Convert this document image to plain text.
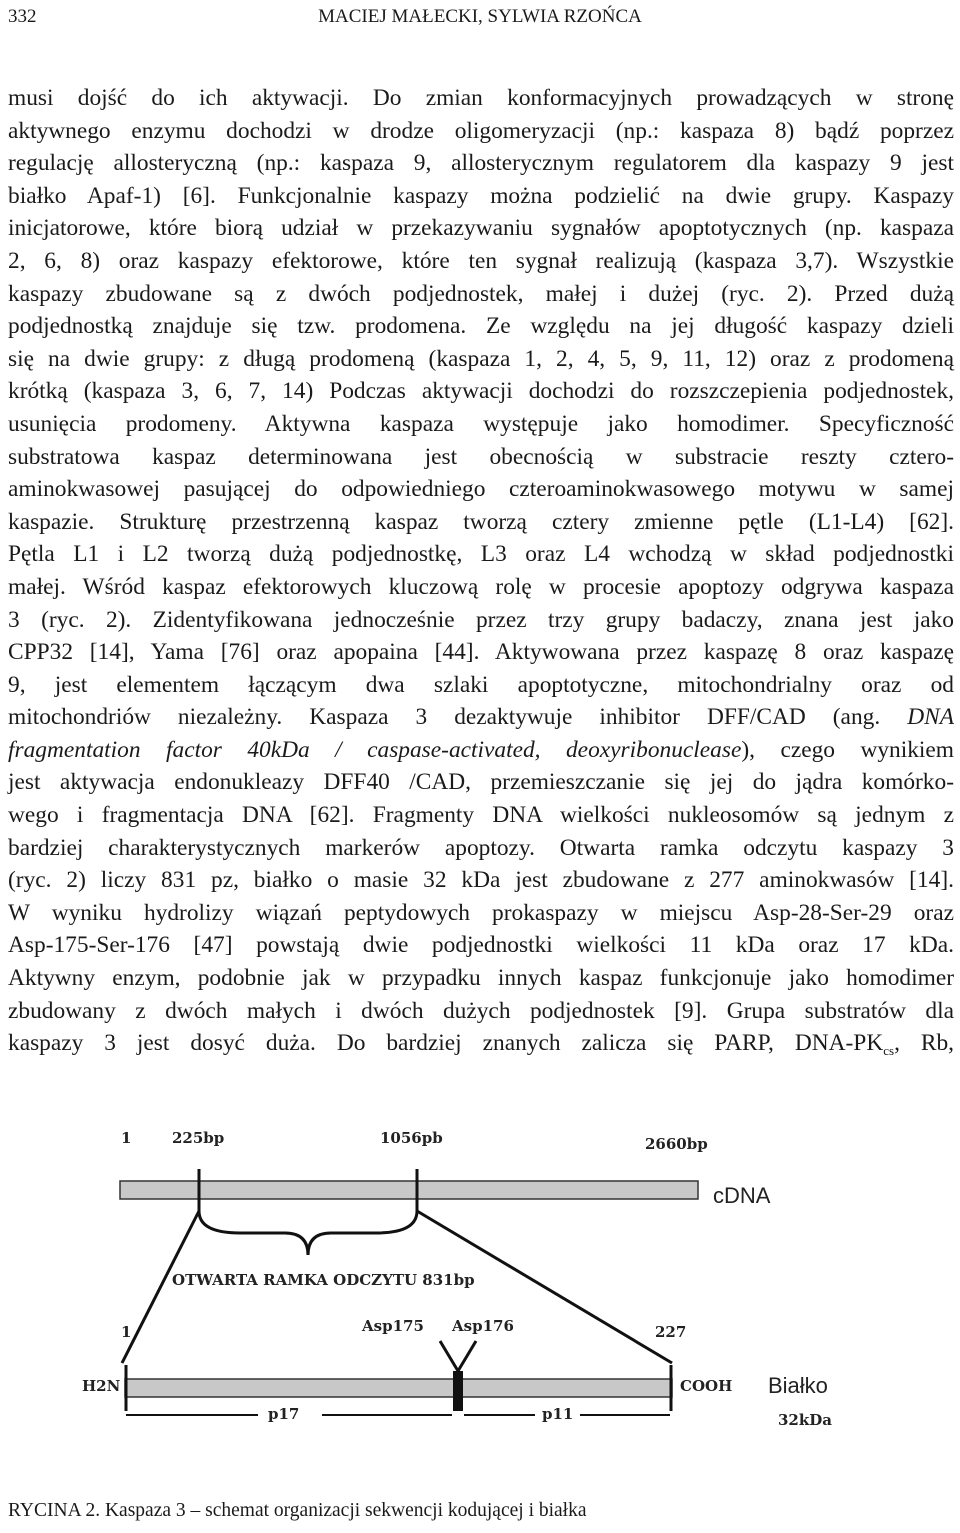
332	MACIEJ MAŁECKI, SYLWIA RZOŃCA
musi dojść do ich aktywacji. Do zmian konformacyjnych prowadzących w stronę
aktywnego enzymu dochodzi w drodze oligomeryzacji (np.: kaspaza 8) bądź poprzez
regulację allosteryczną (np.: kaspaza 9, allosterycznym regulatorem dla kaspazy 9 jest
białko Apaf-1) [6]. Funkcjonalnie kaspazy można podzielić na dwie grupy. Kaspazy
inicjatorowe, które biorą udział w przekazywaniu sygnałów apoptotycznych (np. kaspaza
2, 6, 8) oraz kaspazy efektorowe, które ten sygnał realizują (kaspaza 3,7). Wszystkie
kaspazy zbudowane są z dwóch podjednostek, małej i dużej (ryc. 2). Przed dużą
podjednostką znajduje się tzw. prodomena. Ze względu na jej długość kaspazy dzieli
się na dwie grupy: z długą prodomeną (kaspaza 1, 2, 4, 5, 9, 11, 12) oraz z prodomeną
krótką (kaspaza 3, 6, 7, 14) Podczas aktywacji dochodzi do rozszczepienia podjednostek,
usunięcia prodomeny. Aktywna kaspaza występuje jako homodimer. Specyficzność
substratowa kaspaz determinowana jest obecnością w substracie reszty cztero-
aminokwasowej pasującej do odpowiedniego czteroaminokwasowego motywu w samej
kaspazie. Strukturę przestrzenną kaspaz tworzą cztery zmienne pętle (L1-L4) [62].
Pętla L1 i L2 tworzą dużą podjednostkę, L3 oraz L4 wchodzą w skład podjednostki
małej. Wśród kaspaz efektorowych kluczową rolę w procesie apoptozy odgrywa kaspaza
3 (ryc. 2). Zidentyfikowana jednocześnie przez trzy grupy badaczy, znana jest jako
CPP32 [14], Yama [76] oraz apopaina [44]. Aktywowana przez kaspazę 8 oraz kaspazę
9, jest elementem łączącym dwa szlaki apoptotyczne, mitochondrialny oraz od
mitochondriów niezależny. Kaspaza 3 dezaktywuje inhibitor DFF/CAD (ang. DNA
fragmentation factor 40kDa / caspase-activated, deoxyribonuclease), czego wynikiem
jest aktywacja endonukleazy DFF40 /CAD, przemieszczanie się jej do jądra komórko-
wego i fragmentacja DNA [62]. Fragmenty DNA wielkości nukleosomów są jednym z
bardziej charakterystycznych markerów apoptozy. Otwarta ramka odczytu kaspazy 3
(ryc. 2) liczy 831 pz, białko o masie 32 kDa jest zbudowane z 277 aminokwasów [14].
W wyniku hydrolizy wiązań peptydowych prokaspazy w miejscu Asp-28-Ser-29 oraz
Asp-175-Ser-176 [47] powstają dwie podjednostki wielkości 11 kDa oraz 17 kDa.
Aktywny enzym, podobnie jak w przypadku innych kaspaz funkcjonuje jako homodimer
zbudowany z dwóch małych i dwóch dużych podjednostek [9]. Grupa substratów dla
kaspazy 3 jest dosyć duża. Do bardziej znanych zalicza się PARP, DNA-$PK_{cs}$, Rb,
1	225bp	1056pb	2660bp
cDNA
OTWARTA RAMKA ODCZYTU 831bp
1	Asp175 Asp176	227
H2N	COOH Białko
32kDa
p17	p11
RYCINA 2. Kaspaza 3 – schemat organizacji sekwencji kodującej i białka
